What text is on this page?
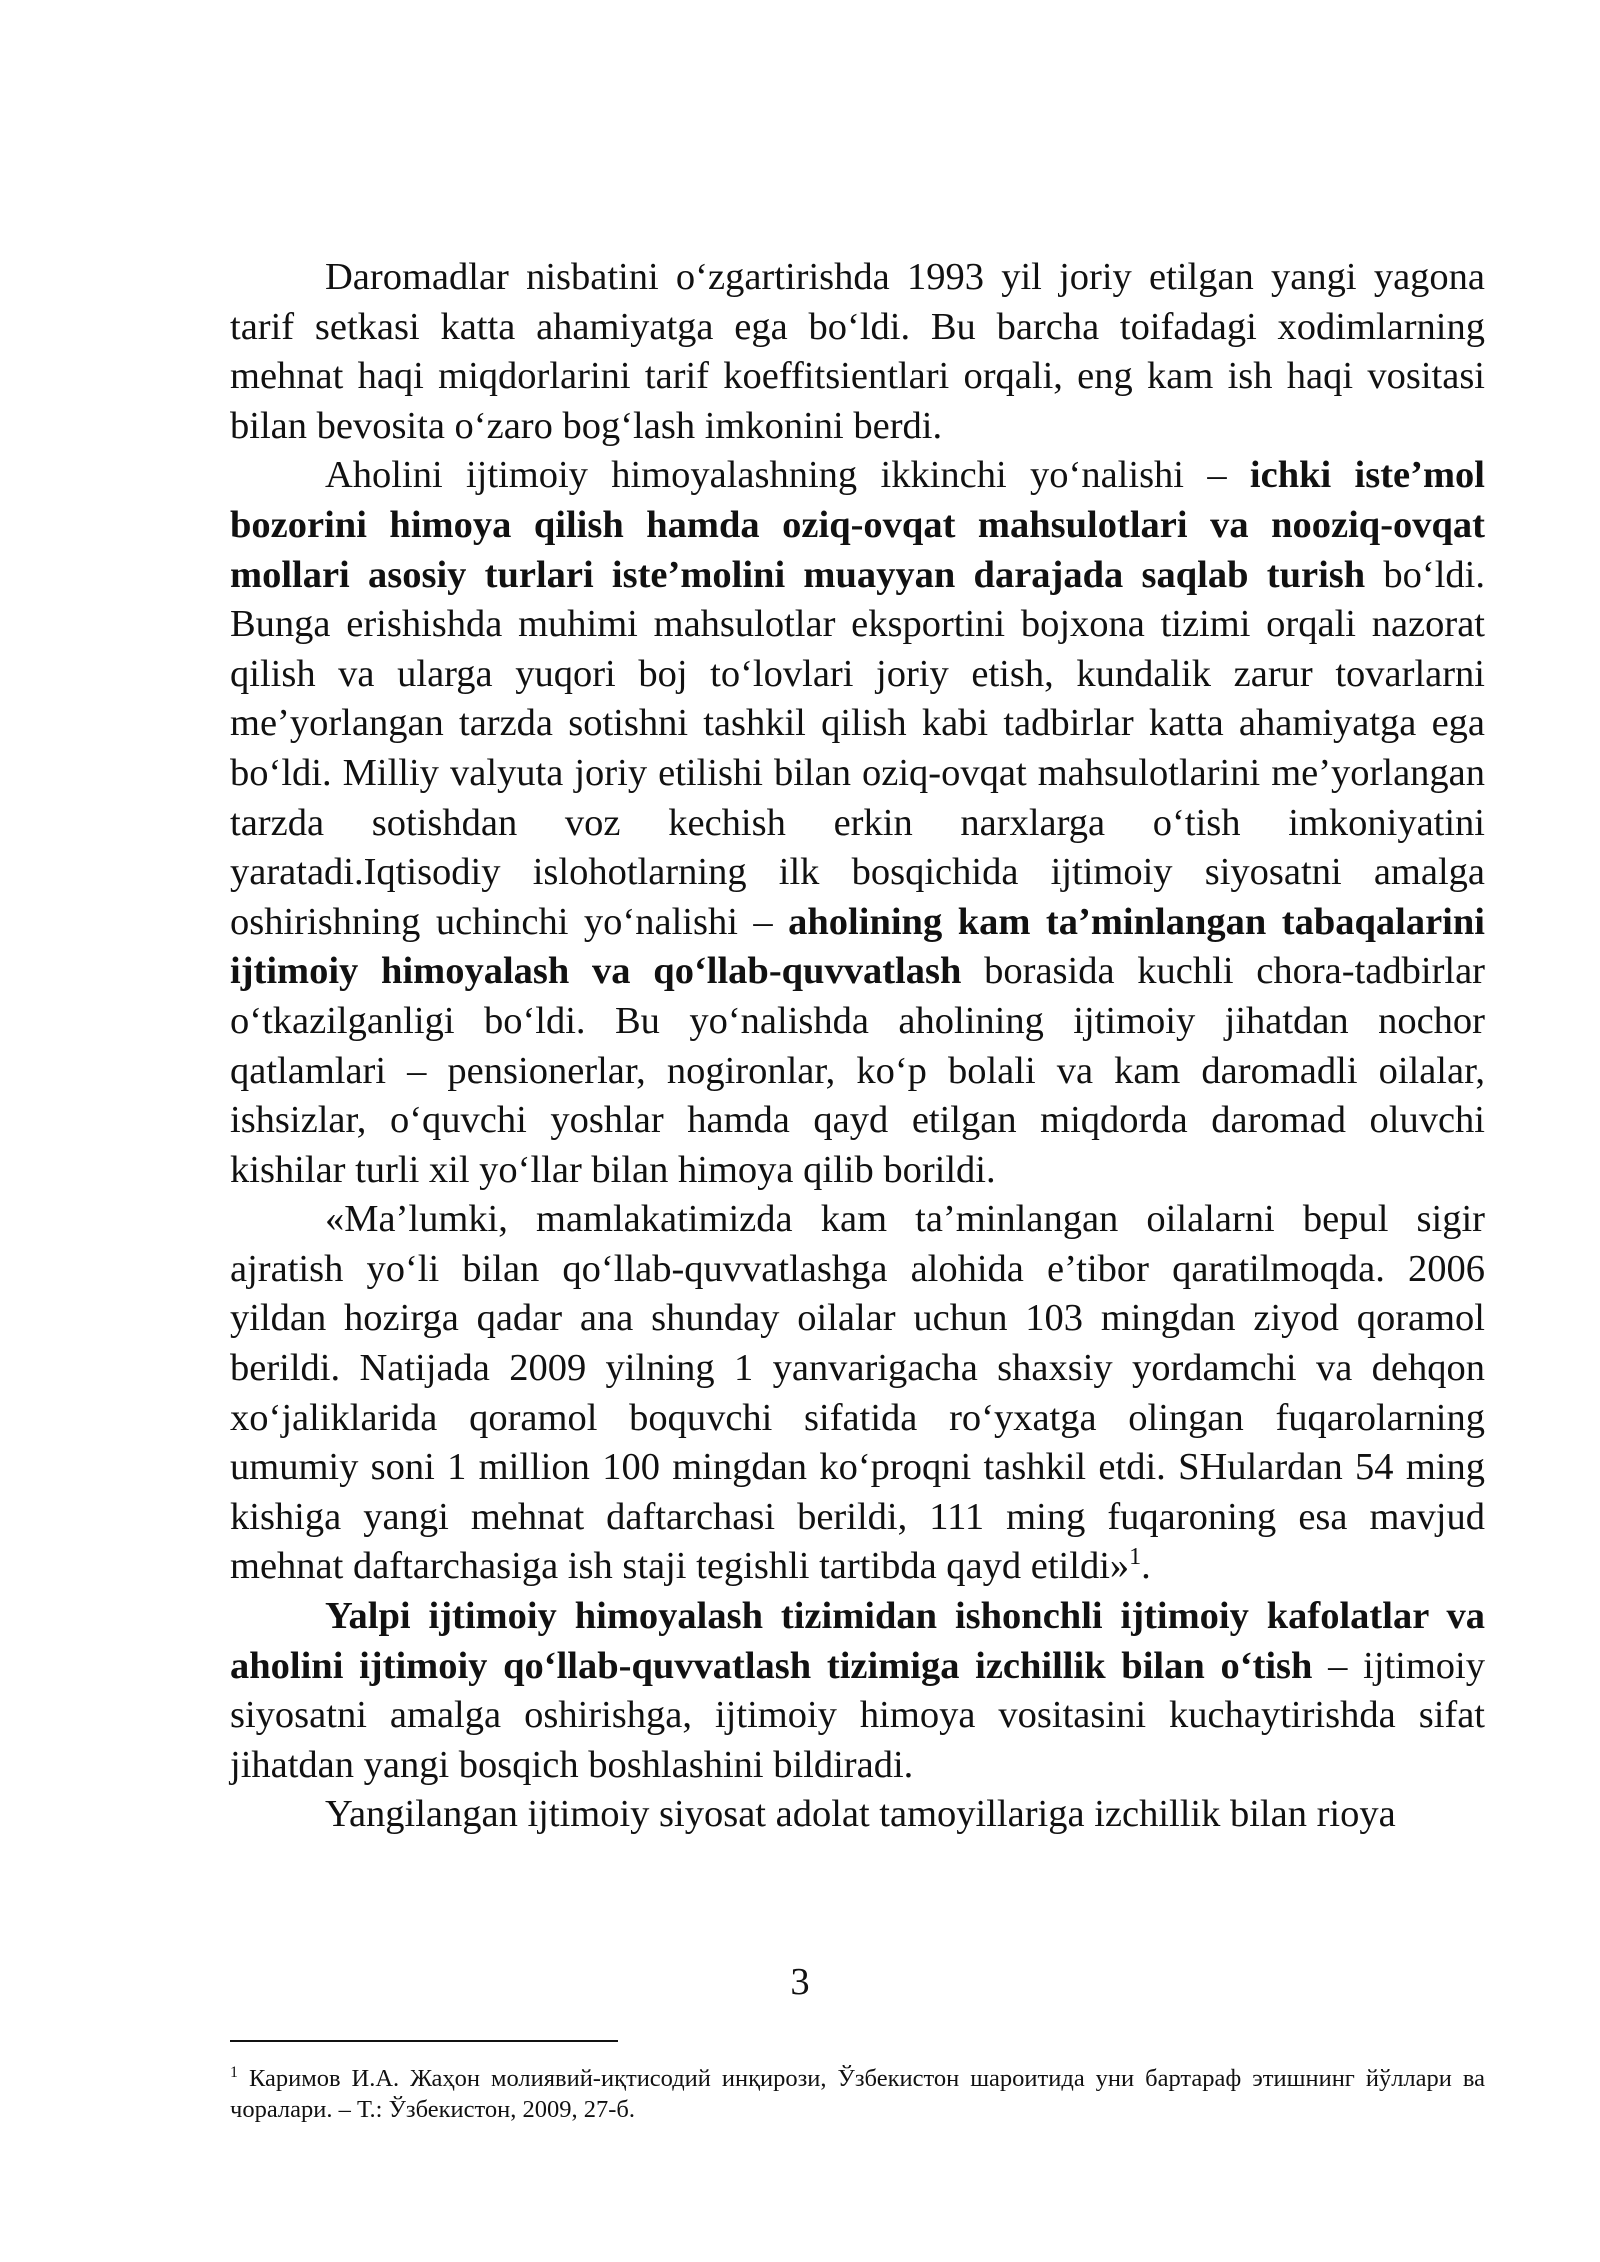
Daromadlar nisbatini o‘zgartirishda 1993 yil joriy etilgan yangi yagona tarif setkasi katta ahamiyatga ega bo‘ldi. Bu barcha toifadagi xodimlarning mehnat haqi miqdorlarini tarif koeffitsientlari orqali, eng kam ish haqi vositasi bilan bevosita o‘zaro bog‘lash imkonini berdi.

Aholini ijtimoiy himoyalashning ikkinchi yo‘nalishi – ichki iste’mol bozorini himoya qilish hamda oziq-ovqat mahsulotlari va nooziq-ovqat mollari asosiy turlari iste’molini muayyan darajada saqlab turish bo‘ldi. Bunga erishishda muhimi mahsulotlar eksportini bojxona tizimi orqali nazorat qilish va ularga yuqori boj to‘lovlari joriy etish, kundalik zarur tovarlarni me’yorlangan tarzda sotishni tashkil qilish kabi tadbirlar katta ahamiyatga ega bo‘ldi. Milliy valyuta joriy etilishi bilan oziq-ovqat mahsulotlarini me’yorlangan tarzda sotishdan voz kechish erkin narxlarga o‘tish imkoniyatini yaratadi.Iqtisodiy islohotlarning ilk bosqichida ijtimoiy siyosatni amalga oshirishning uchinchi yo‘nalishi – aholining kam ta’minlangan tabaqalarini ijtimoiy himoyalash va qo‘llab-quvvatlash borasida kuchli chora-tadbirlar o‘tkazilganligi bo‘ldi. Bu yo‘nalishda aholining ijtimoiy jihatdan nochor qatlamlari – pensionerlar, nogironlar, ko‘p bolali va kam daromadli oilalar, ishsizlar, o‘quvchi yoshlar hamda qayd etilgan miqdorda daromad oluvchi kishilar turli xil yo‘llar bilan himoya qilib borildi.

«Ma’lumki, mamlakatimizda kam ta’minlangan oilalarni bepul sigir ajratish yo‘li bilan qo‘llab-quvvatlashga alohida e’tibor qaratilmoqda. 2006 yildan hozirga qadar ana shunday oilalar uchun 103 mingdan ziyod qoramol berildi. Natijada 2009 yilning 1 yanvarigacha shaxsiy yordamchi va dehqon xo‘jaliklarida qoramol boquvchi sifatida ro‘yxatga olingan fuqarolarning umumiy soni 1 million 100 mingdan ko‘proqni tashkil etdi. SHulardan 54 ming kishiga yangi mehnat daftarchasi berildi, 111 ming fuqaroning esa mavjud mehnat daftarchasiga ish staji tegishli tartibda qayd etildi»$^1$.

Yalpi ijtimoiy himoyalash tizimidan ishonchli ijtimoiy kafolatlar va aholini ijtimoiy qo‘llab-quvvatlash tizimiga izchillik bilan o‘tish – ijtimoiy siyosatni amalga oshirishga, ijtimoiy himoya vositasini kuchaytirishda sifat jihatdan yangi bosqich boshlashini bildiradi.

Yangilangan ijtimoiy siyosat adolat tamoyillariga izchillik bilan rioya

3
$^1$ Каримов И.А. Жаҳон молиявий-иқтисодий инқирози, Ўзбекистон шароитида уни бартараф этишнинг йўллари ва чоралари. – Т.: Ўзбекистон, 2009, 27-б.
